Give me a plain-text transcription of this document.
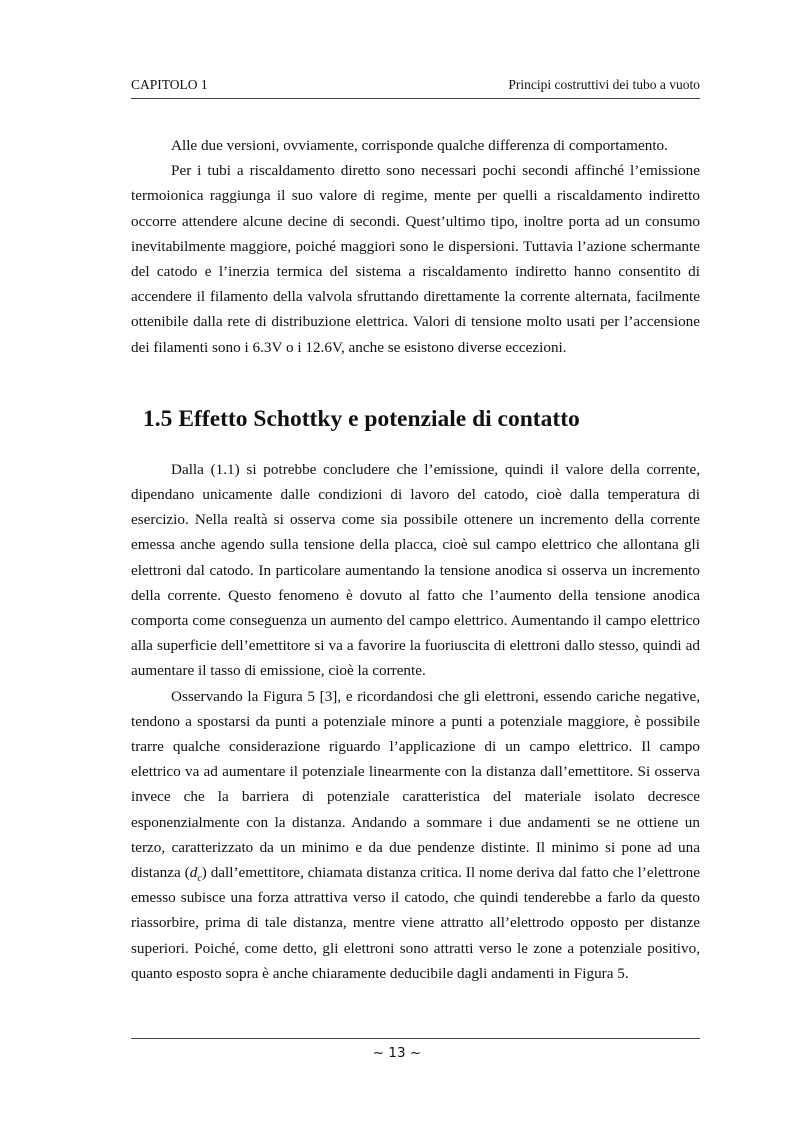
CAPITOLO 1	Principi costruttivi dei tubo a vuoto

Alle due versioni, ovviamente, corrisponde qualche differenza di comportamento.

Per i tubi a riscaldamento diretto sono necessari pochi secondi affinché l’emissione termoionica raggiunga il suo valore di regime, mente per quelli a riscaldamento indiretto occorre attendere alcune decine di secondi. Quest’ultimo tipo, inoltre porta ad un consumo inevitabilmente maggiore, poiché maggiori sono le dispersioni. Tuttavia l’azione schermante del catodo e l’inerzia termica del sistema a riscaldamento indiretto hanno consentito di accendere il filamento della valvola sfruttando direttamente la corrente alternata, facilmente ottenibile dalla rete di distribuzione elettrica. Valori di tensione molto usati per l’accensione dei filamenti sono i 6.3V o i 12.6V, anche se esistono diverse eccezioni.

1.5 Effetto Schottky e potenziale di contatto

Dalla (1.1) si potrebbe concludere che l’emissione, quindi il valore della corrente, dipendano unicamente dalle condizioni di lavoro del catodo, cioè dalla temperatura di esercizio. Nella realtà si osserva come sia possibile ottenere un incremento della corrente emessa anche agendo sulla tensione della placca, cioè sul campo elettrico che allontana gli elettroni dal catodo. In particolare aumentando la tensione anodica si osserva un incremento della corrente. Questo fenomeno è dovuto al fatto che l’aumento della tensione anodica comporta come conseguenza un aumento del campo elettrico. Aumentando il campo elettrico alla superficie dell’emettitore si va a favorire la fuoriuscita di elettroni dallo stesso, quindi ad aumentare il tasso di emissione, cioè la corrente.

Osservando la Figura 5 [3], e ricordandosi che gli elettroni, essendo cariche negative, tendono a spostarsi da punti a potenziale minore a punti a potenziale maggiore, è possibile trarre qualche considerazione riguardo l’applicazione di un campo elettrico. Il campo elettrico va ad aumentare il potenziale linearmente con la distanza dall’emettitore. Si osserva invece che la barriera di potenziale caratteristica del materiale isolato decresce esponenzialmente con la distanza. Andando a sommare i due andamenti se ne ottiene un terzo, caratterizzato da un minimo e da due pendenze distinte. Il minimo si pone ad una distanza $(d_c)$ dall’emettitore, chiamata distanza critica. Il nome deriva dal fatto che l’elettrone emesso subisce una forza attrattiva verso il catodo, che quindi tenderebbe a farlo da questo riassorbire, prima di tale distanza, mentre viene attratto all’elettrodo opposto per distanze superiori. Poiché, come detto, gli elettroni sono attratti verso le zone a potenziale positivo, quanto esposto sopra è anche chiaramente deducibile dagli andamenti in Figura 5.

~ 13 ~
